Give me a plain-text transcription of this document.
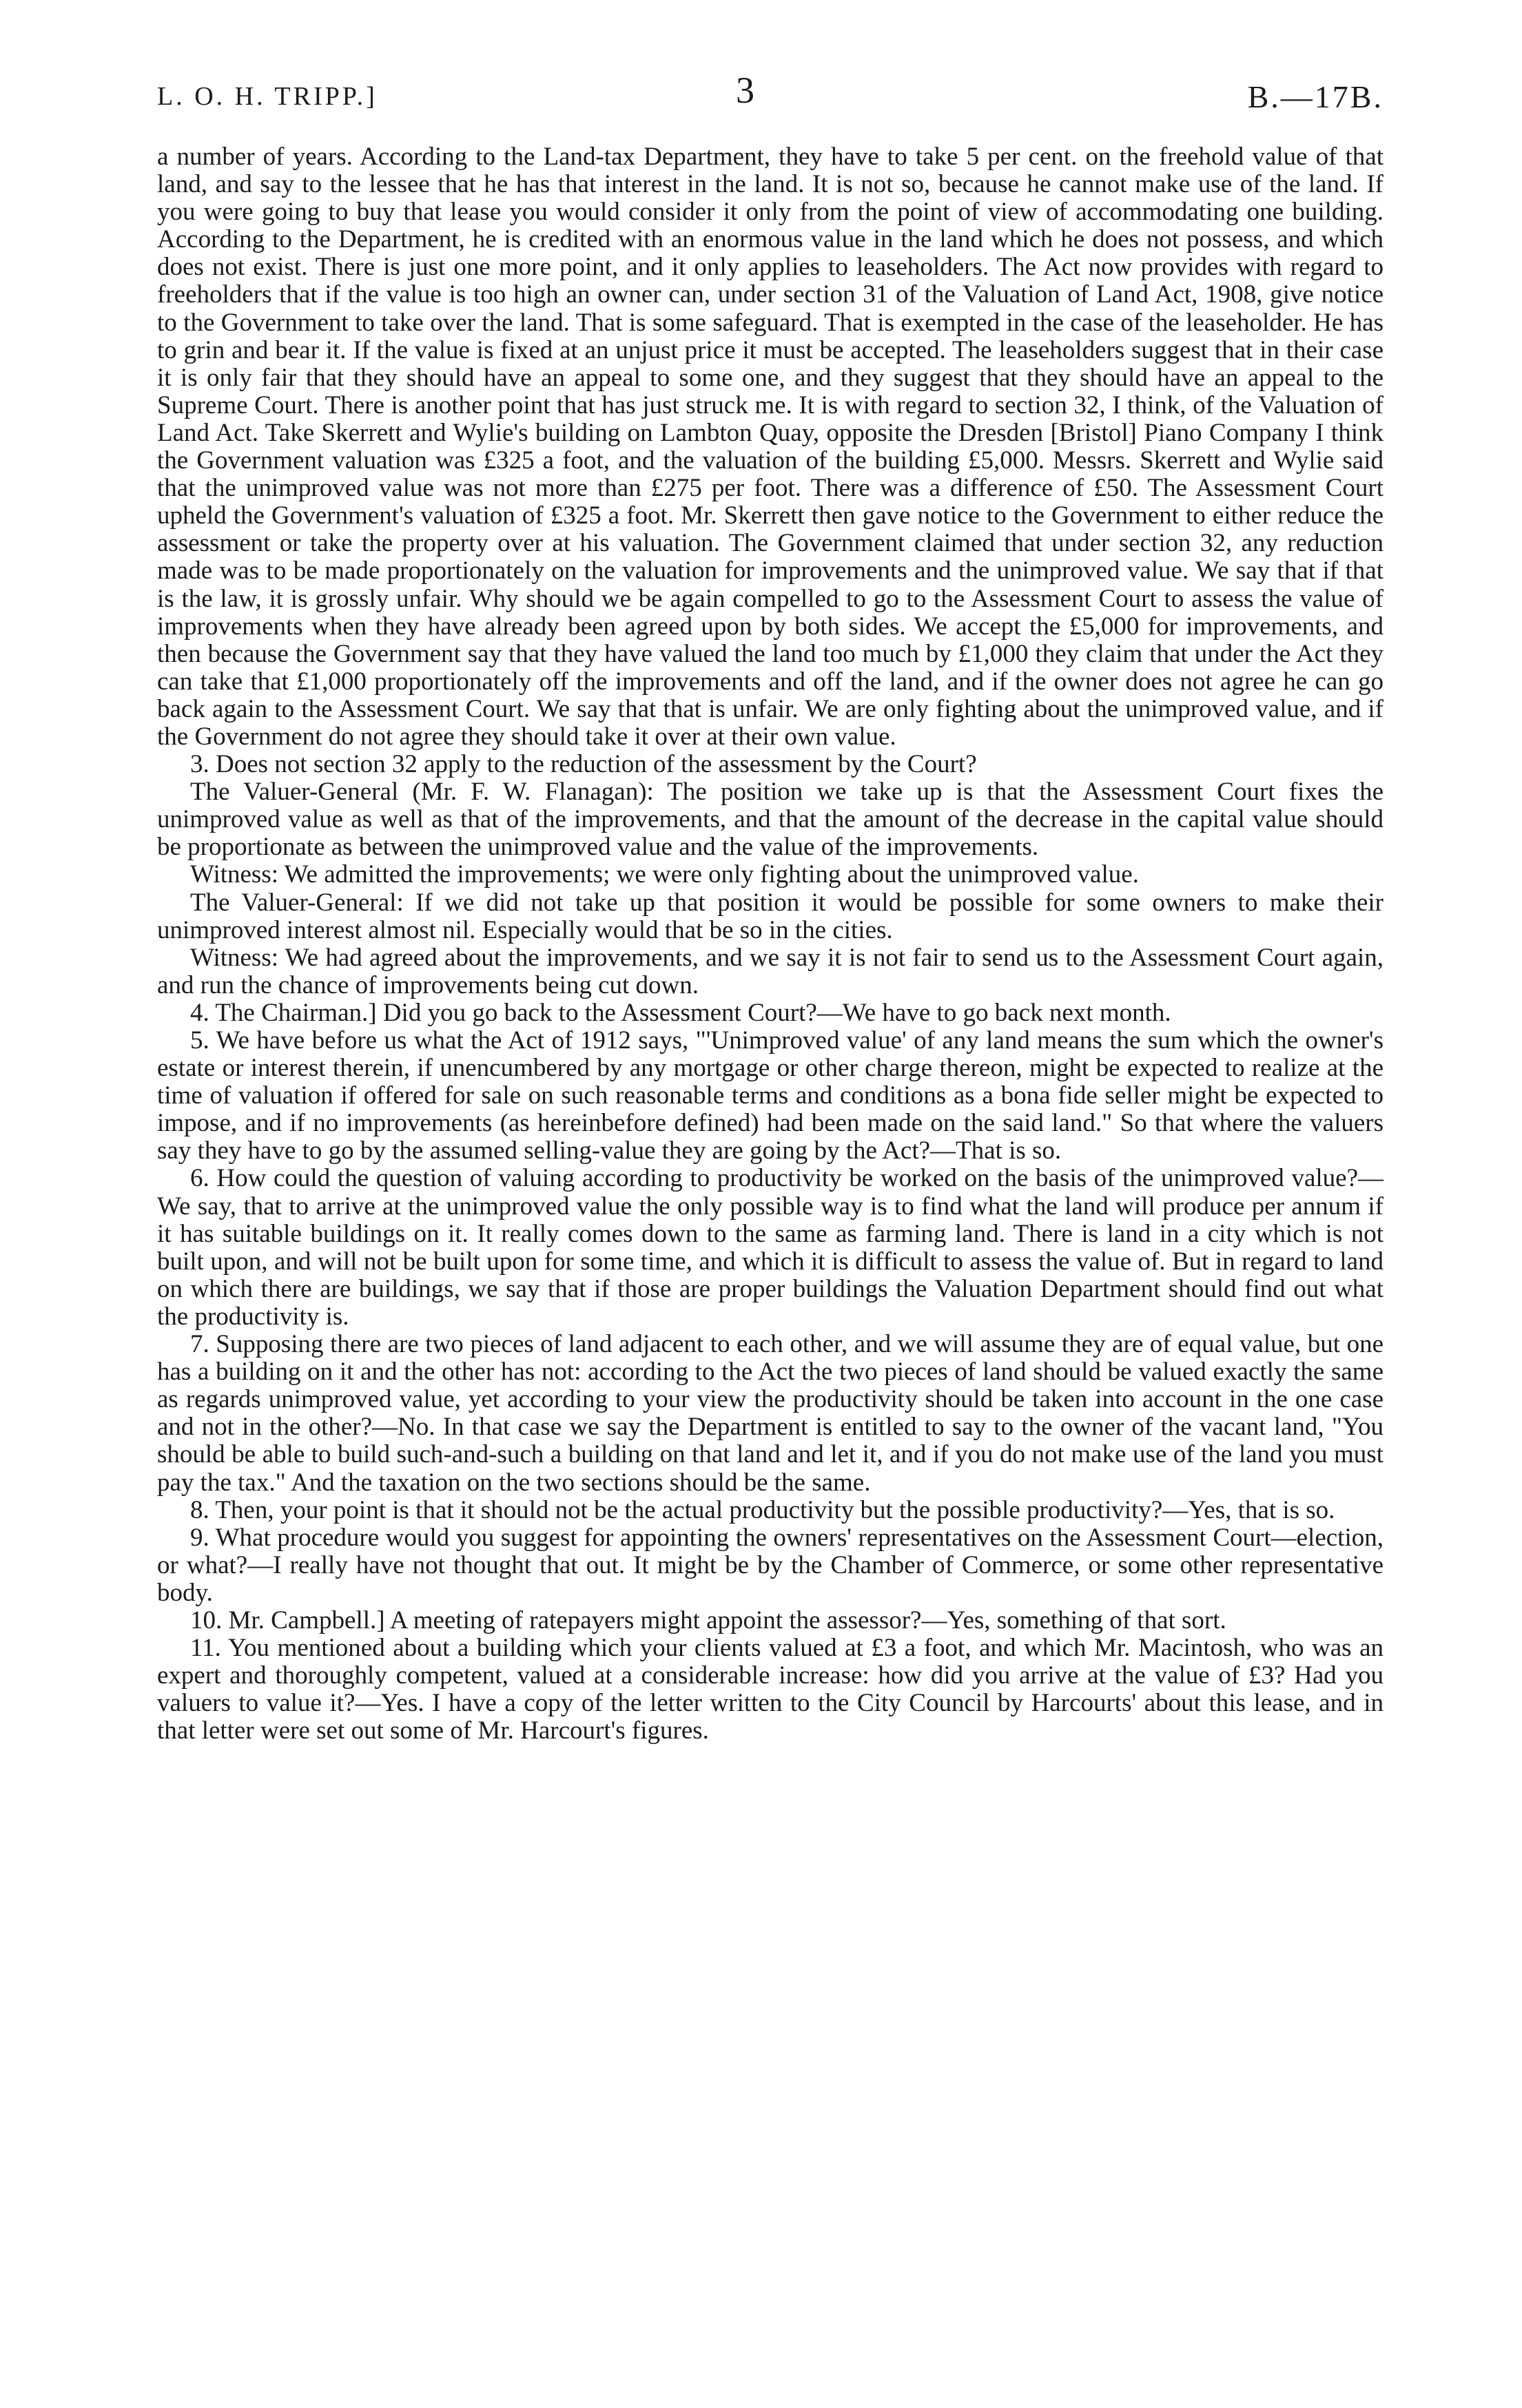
L. O. H. TRIPP.]	3	B.—17B.

a number of years. According to the Land-tax Department, they have to take 5 per cent. on the freehold value of that land, and say to the lessee that he has that interest in the land. It is not so, because he cannot make use of the land. If you were going to buy that lease you would consider it only from the point of view of accommodating one building. According to the Department, he is credited with an enormous value in the land which he does not possess, and which does not exist. There is just one more point, and it only applies to leaseholders. The Act now provides with regard to freeholders that if the value is too high an owner can, under section 31 of the Valuation of Land Act, 1908, give notice to the Government to take over the land. That is some safeguard. That is exempted in the case of the leaseholder. He has to grin and bear it. If the value is fixed at an unjust price it must be accepted. The leaseholders suggest that in their case it is only fair that they should have an appeal to some one, and they suggest that they should have an appeal to the Supreme Court. There is another point that has just struck me. It is with regard to section 32, I think, of the Valuation of Land Act. Take Skerrett and Wylie's building on Lambton Quay, opposite the Dresden [Bristol] Piano Company I think the Government valuation was £325 a foot, and the valuation of the building £5,000. Messrs. Skerrett and Wylie said that the unimproved value was not more than £275 per foot. There was a difference of £50. The Assessment Court upheld the Government's valuation of £325 a foot. Mr. Skerrett then gave notice to the Government to either reduce the assessment or take the property over at his valuation. The Government claimed that under section 32, any reduction made was to be made proportionately on the valuation for improvements and the unimproved value. We say that if that is the law, it is grossly unfair. Why should we be again compelled to go to the Assessment Court to assess the value of improvements when they have already been agreed upon by both sides. We accept the £5,000 for improvements, and then because the Government say that they have valued the land too much by £1,000 they claim that under the Act they can take that £1,000 proportionately off the improvements and off the land, and if the owner does not agree he can go back again to the Assessment Court. We say that that is unfair. We are only fighting about the unimproved value, and if the Government do not agree they should take it over at their own value.

3. Does not section 32 apply to the reduction of the assessment by the Court?

The Valuer-General (Mr. F. W. Flanagan): The position we take up is that the Assessment Court fixes the unimproved value as well as that of the improvements, and that the amount of the decrease in the capital value should be proportionate as between the unimproved value and the value of the improvements.

Witness: We admitted the improvements; we were only fighting about the unimproved value.

The Valuer-General: If we did not take up that position it would be possible for some owners to make their unimproved interest almost nil. Especially would that be so in the cities.

Witness: We had agreed about the improvements, and we say it is not fair to send us to the Assessment Court again, and run the chance of improvements being cut down.

4. The Chairman.] Did you go back to the Assessment Court?—We have to go back next month.

5. We have before us what the Act of 1912 says, "'Unimproved value' of any land means the sum which the owner's estate or interest therein, if unencumbered by any mortgage or other charge thereon, might be expected to realize at the time of valuation if offered for sale on such reasonable terms and conditions as a bona fide seller might be expected to impose, and if no improvements (as hereinbefore defined) had been made on the said land." So that where the valuers say they have to go by the assumed selling-value they are going by the Act?—That is so.

6. How could the question of valuing according to productivity be worked on the basis of the unimproved value?—We say, that to arrive at the unimproved value the only possible way is to find what the land will produce per annum if it has suitable buildings on it. It really comes down to the same as farming land. There is land in a city which is not built upon, and will not be built upon for some time, and which it is difficult to assess the value of. But in regard to land on which there are buildings, we say that if those are proper buildings the Valuation Department should find out what the productivity is.

7. Supposing there are two pieces of land adjacent to each other, and we will assume they are of equal value, but one has a building on it and the other has not: according to the Act the two pieces of land should be valued exactly the same as regards unimproved value, yet according to your view the productivity should be taken into account in the one case and not in the other?—No. In that case we say the Department is entitled to say to the owner of the vacant land, "You should be able to build such-and-such a building on that land and let it, and if you do not make use of the land you must pay the tax." And the taxation on the two sections should be the same.

8. Then, your point is that it should not be the actual productivity but the possible productivity?—Yes, that is so.

9. What procedure would you suggest for appointing the owners' representatives on the Assessment Court—election, or what?—I really have not thought that out. It might be by the Chamber of Commerce, or some other representative body.

10. Mr. Campbell.] A meeting of ratepayers might appoint the assessor?—Yes, something of that sort.

11. You mentioned about a building which your clients valued at £3 a foot, and which Mr. Macintosh, who was an expert and thoroughly competent, valued at a considerable increase: how did you arrive at the value of £3? Had you valuers to value it?—Yes. I have a copy of the letter written to the City Council by Harcourts' about this lease, and in that letter were set out some of Mr. Harcourt's figures.
